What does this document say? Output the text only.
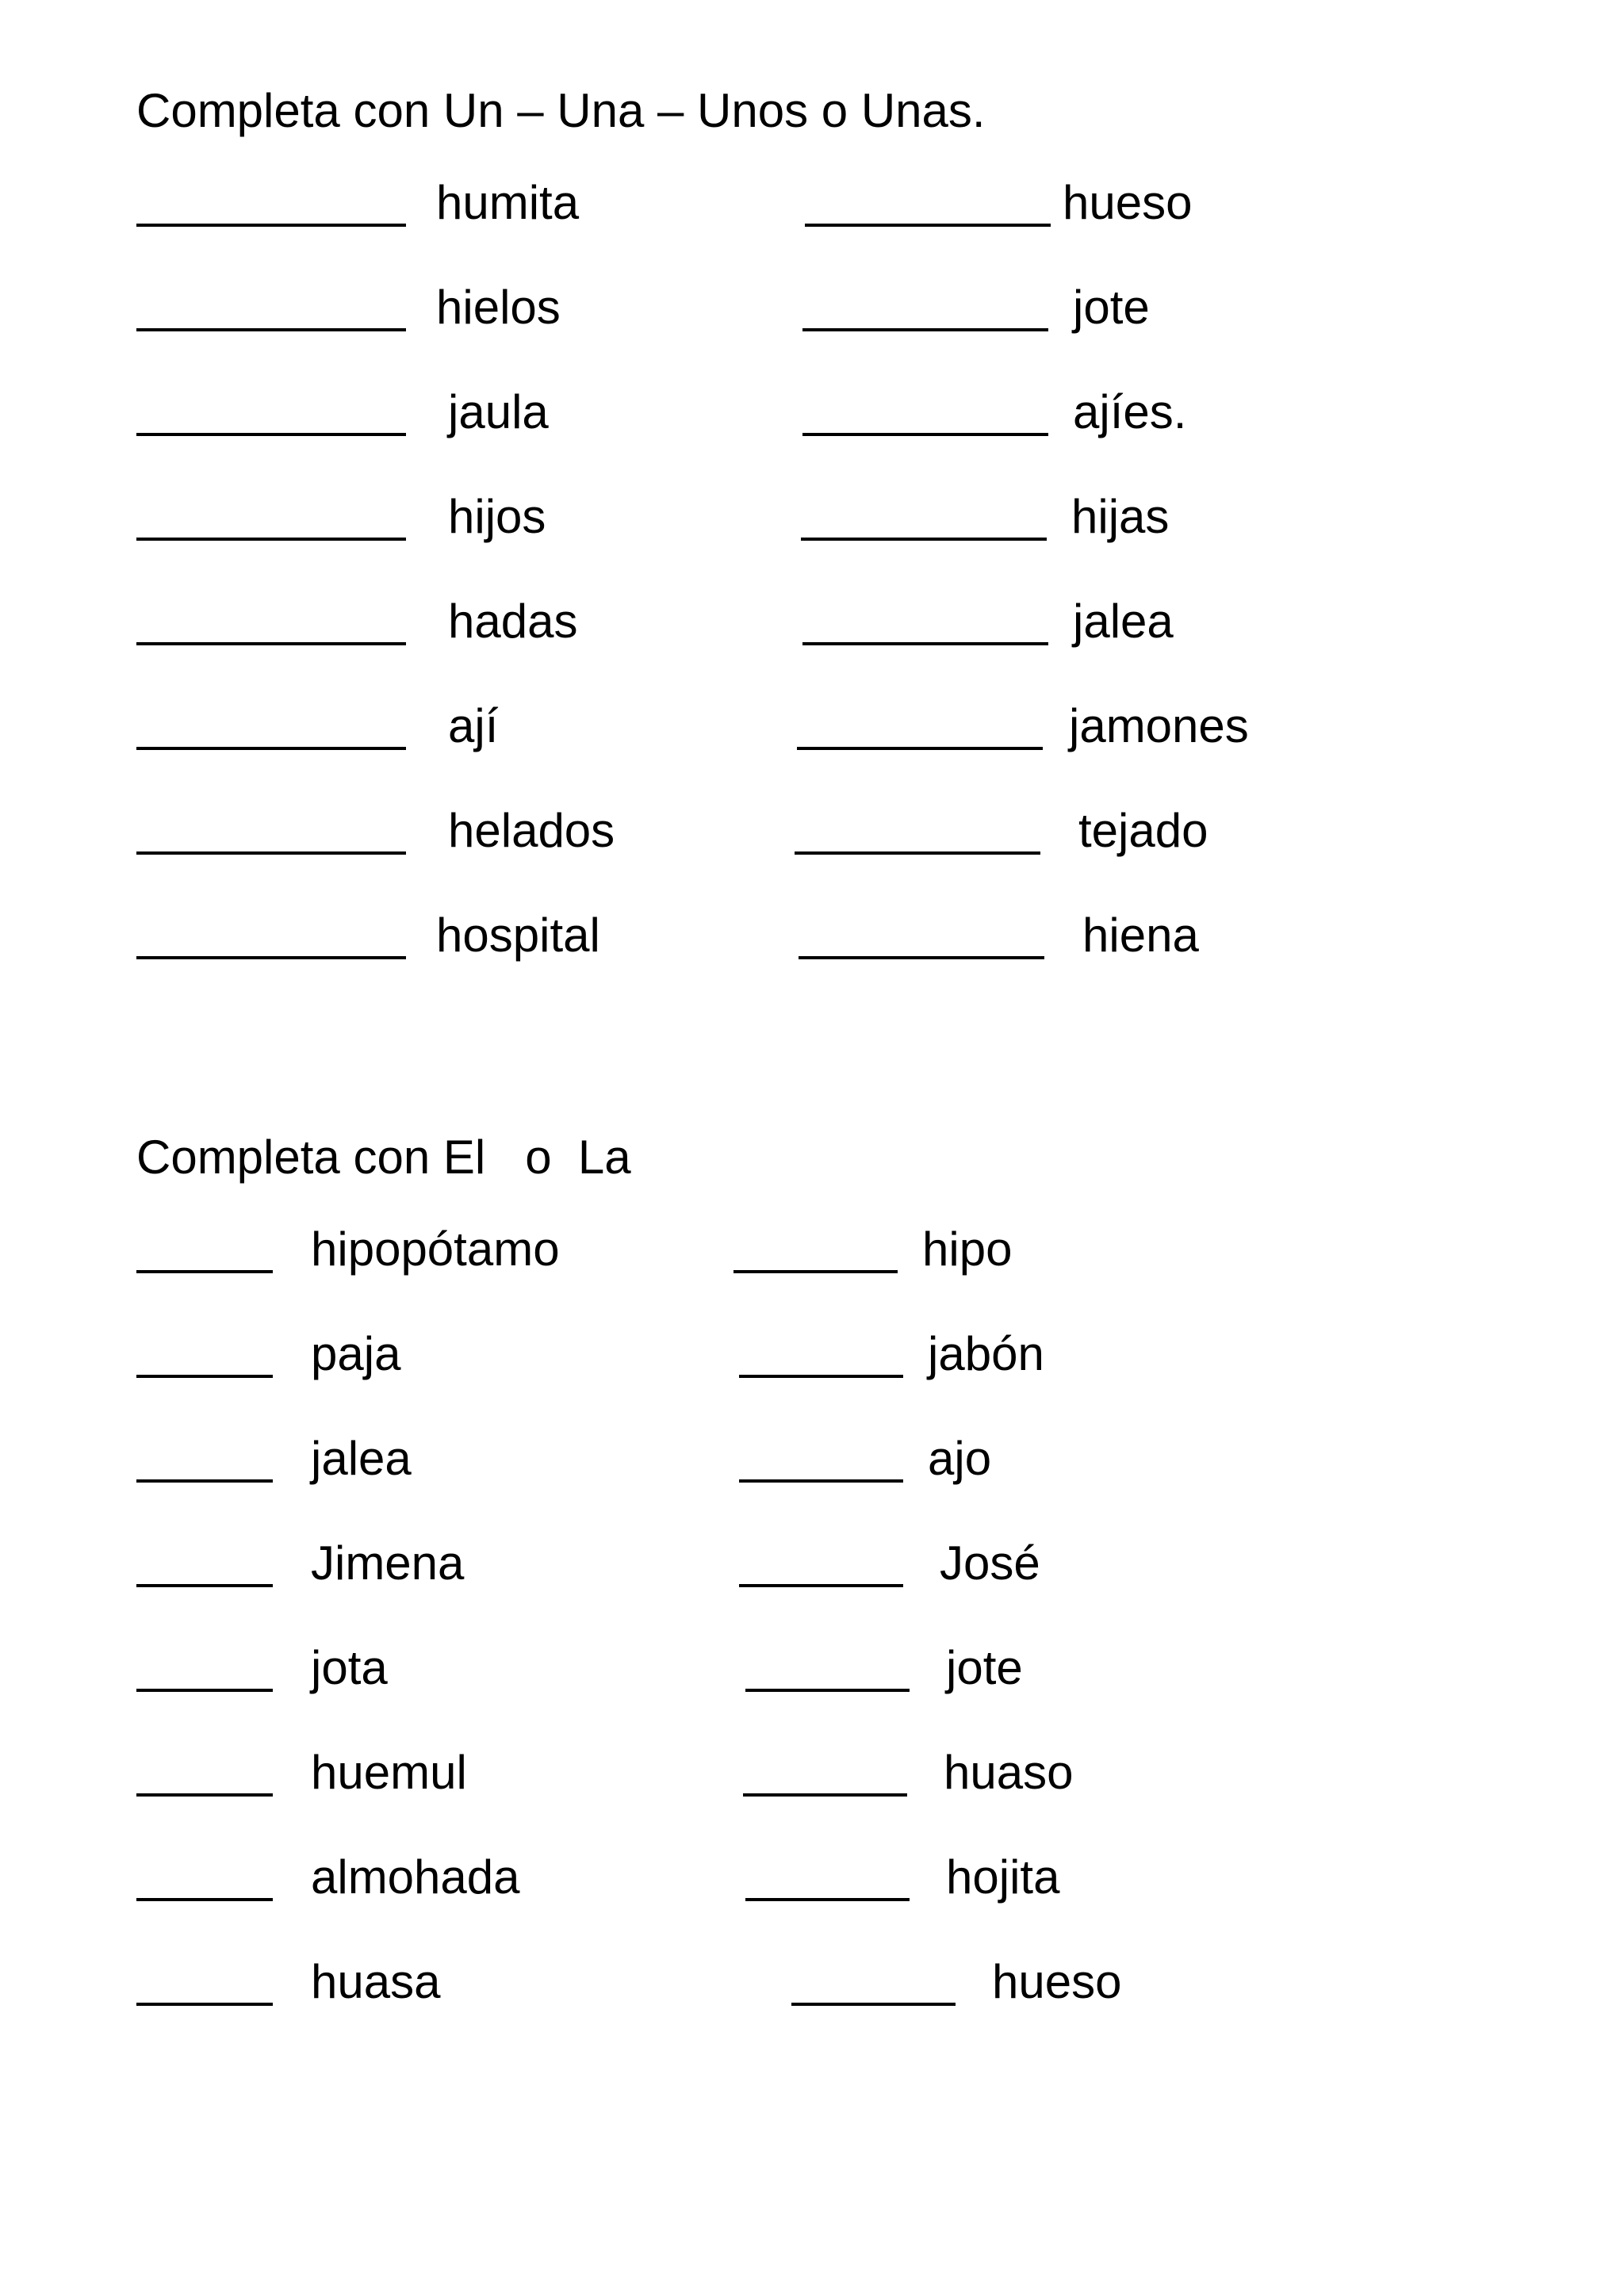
Completa con Un – Una – Unos o Unas.
humita	hueso
hielos	jote
jaula	ajíes.
hijos	hijas
hadas	jalea
ají	jamones
helados	tejado
hospital	hiena
Completa con El   o  La
hipopótamo	hipo
paja	jabón
jalea	ajo
Jimena	José
jota	jote
huemul	huaso
almohada	hojita
huasa	hueso
